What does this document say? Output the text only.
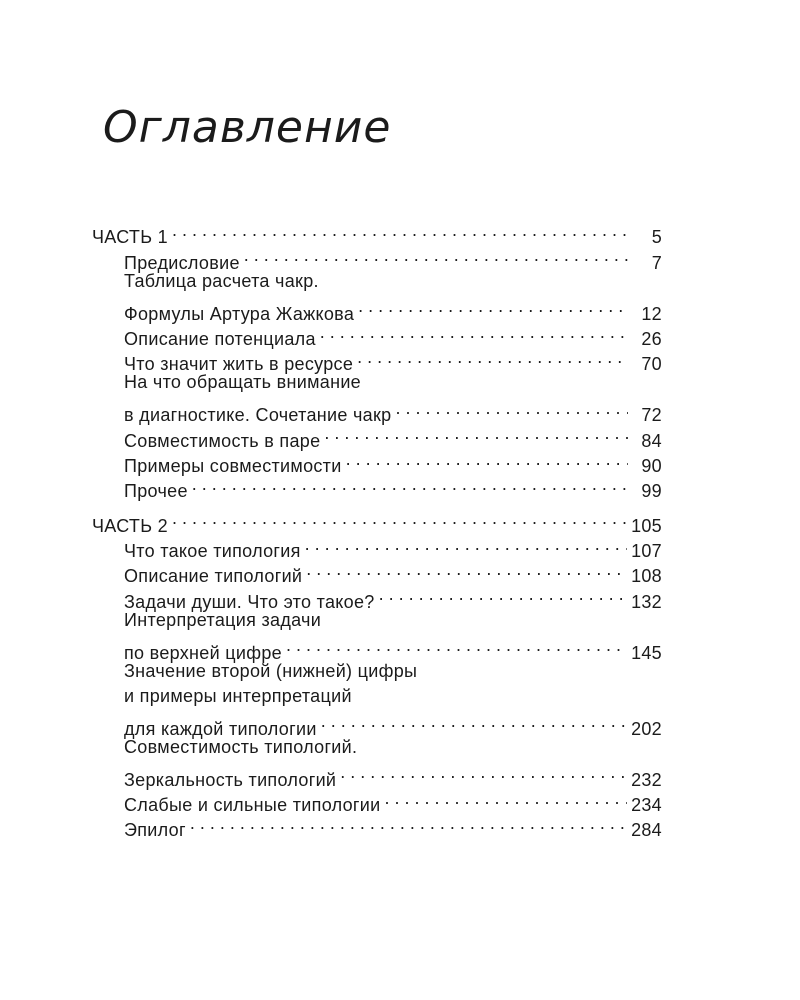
Оглавление
ЧАСТЬ 1 . . .	5
Предисловие . . .	7
Таблица расчета чакр.
Формулы Артура Жажкова . . .	12
Описание потенциала . . .	26
Что значит жить в ресурсе . . .	70
На что обращать внимание
в диагностике. Сочетание чакр . . .	72
Совместимость в паре . . .	84
Примеры совместимости . . .	90
Прочее . . .	99
ЧАСТЬ 2 . . .	105
Что такое типология . . .	107
Описание типологий . . .	108
Задачи души. Что это такое? . . .	132
Интерпретация задачи
по верхней цифре . . .	145
Значение второй (нижней) цифры
и примеры интерпретаций
для каждой типологии . . .	202
Совместимость типологий.
Зеркальность типологий . . .	232
Слабые и сильные типологии . . .	234
Эпилог . . .	284
